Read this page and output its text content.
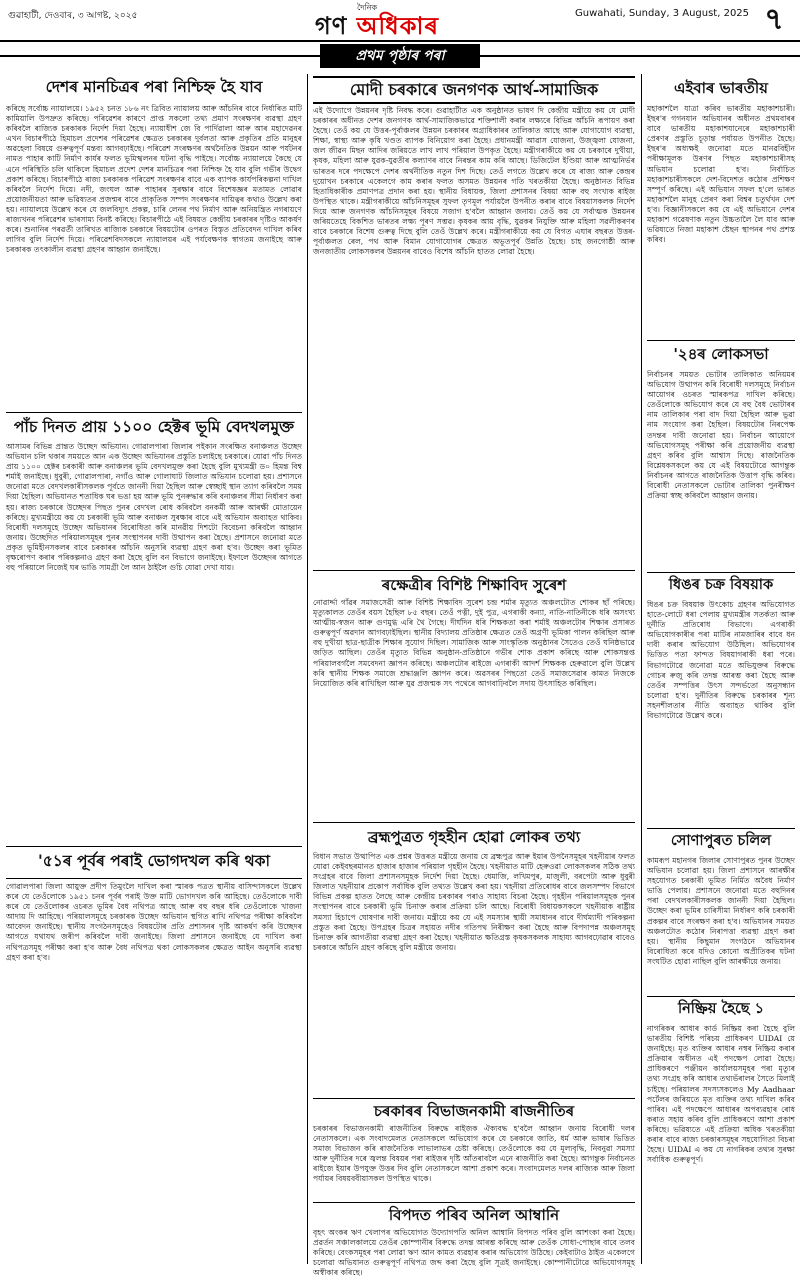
গুৱাহাটী, দেওবাৰ, ৩ আগষ্ট, ২০২৫
দৈনিক
গণ অধিকাৰ	Guwahati, Sunday, 3 August, 2025 ৭
প্ৰথম পৃষ্ঠাৰ পৰা
দেশৰ মানচিত্ৰৰ পৰা নিশ্চিহ্ন হৈ যাব
কৰিছে সৰ্বোচ্চ ন্যায়ালয়ে। ১৯৫২ চনত ১৮৬ নং ত্ৰিবিত ন্যায়ালয় আৰু আঁচনিৰ বাবে নিৰ্ধাৰিত মাটি কামিয়ালি উপদ্ৰুত কৰিছে। পৰিৱেশৰ কাৰণে প্ৰাপ্ত সকলো তথ্য প্ৰমাণ সংৰক্ষণৰ ব্যৱস্থা গ্ৰহণ কৰিবলৈ ৰাজ্যিক চৰকাৰক নিৰ্দেশ দিয়া হৈছে। ন্যায়াধীশ জে বি পাৰ্দিৱালা আৰু আৰ মহাদেৱনৰ এখন বিচাৰপীঠে হিমাচল প্ৰদেশৰ পৰিৱেশৰ ক্ষেত্ৰত চৰকাৰৰ দুৰ্বলতা আৰু প্ৰকৃতিৰ প্ৰতি মানুহৰ অৱহেলা বিষয়ে গুৰুত্বপূৰ্ণ মন্তব্য আগবঢ়াইছে। পৰিৱেশ সংৰক্ষণৰ অৰ্থনৈতিক উন্নয়ন আৰু পৰ্যটনৰ নামত পাহাৰ কাটি নিৰ্মাণ কাৰ্যৰ ফলত ভূমিস্খলনৰ ঘটনা বৃদ্ধি পাইছে। সৰ্বোচ্চ ন্যায়ালয়ে কৈছে যে এনে পৰিস্থিতি চলি থাকিলে হিমাচল প্ৰদেশ দেশৰ মানচিত্ৰৰ পৰা নিশ্চিহ্ন হৈ যাব বুলি গভীৰ উদ্বেগ প্ৰকাশ কৰিছে। বিচাৰপীঠে ৰাজ্য চৰকাৰক পৰিৱেশ সংৰক্ষণৰ বাবে এক ব্যাপক কাৰ্যপৰিকল্পনা দাখিল কৰিবলৈ নিৰ্দেশ দিয়ে। নদী, জংঘল আৰু পাহাৰৰ সুৰক্ষাৰ বাবে বিশেষজ্ঞৰ মতামত লোৱাৰ প্ৰয়োজনীয়তা আৰু ভৱিষ্যতৰ প্ৰজন্মৰ বাবে প্ৰাকৃতিক সম্পদ সংৰক্ষণৰ দায়িত্বৰ কথাও উল্লেখ কৰা হয়। ন্যায়ালয়ে উল্লেখ কৰে যে জলবিদ্যুৎ প্ৰকল্প, চাৰি লেনৰ পথ নিৰ্মাণ আৰু অনিয়ন্ত্ৰিত নগৰায়ণে ৰাজ্যখনৰ পৰিৱেশৰ ভাৰসাম্য বিনষ্ট কৰিছে। বিচাৰপীঠে এই বিষয়ত কেন্দ্ৰীয় চৰকাৰৰ দৃষ্টিও আকৰ্ষণ কৰে। শুনানিৰ পৰৱৰ্তী তাৰিখত ৰাজ্যিক চৰকাৰে বিষয়টোৰ ওপৰত বিস্তৃত প্ৰতিবেদন দাখিল কৰিব লাগিব বুলি নিৰ্দেশ দিয়ে। পৰিৱেশবিদসকলে ন্যায়ালয়ৰ এই পৰ্যবেক্ষণক স্বাগতম জনাইছে আৰু চৰকাৰক তৎকালীন ব্যৱস্থা গ্ৰহণৰ আহ্বান জনাইছে।
পাঁচ দিনত প্ৰায় ১১০০ হেক্টৰ ভূমি বেদখলমুক্ত
আসামৰ বিভিন্ন প্ৰান্তত উচ্ছেদ অভিযান। গোৱালপাৰা জিলাৰ পইকান সংৰক্ষিত বনাঞ্চলত উচ্ছেদ অভিযান চলি থকাৰ সময়তে আন এক উচ্ছেদ অভিযানৰ প্ৰস্তুতি চলাইছে চৰকাৰে। যোৱা পাঁচ দিনত প্ৰায় ১১০০ হেক্টৰ চৰকাৰী আৰু বনাঞ্চলৰ ভূমি বেদখলমুক্ত কৰা হৈছে বুলি মুখ্যমন্ত্ৰী ড০ হিমন্ত বিশ্ব শৰ্মাই জনাইছে। ধুবুৰী, গোৱালপাৰা, নগাঁও আৰু গোলাঘাট জিলাত অভিযান চলোৱা হয়। প্ৰশাসনে জনোৱা মতে বেদখলকাৰীসকলক পূৰ্বতে জাননী দিয়া হৈছিল আৰু স্বেচ্ছাই স্থান ত্যাগ কৰিবলৈ সময় দিয়া হৈছিল। অভিযানত শতাধিক ঘৰ ভঙা হয় আৰু ভূমি পুনৰুদ্ধাৰ কৰি বনাঞ্চলৰ সীমা নিৰ্ধাৰণ কৰা হয়। ৰাজ্য চৰকাৰে উচ্ছেদৰ পিছত পুনৰ বেদখল ৰোধ কৰিবলৈ বনকৰ্মী আৰু আৰক্ষী মোতায়েন কৰিছে। মুখ্যমন্ত্ৰীয়ে কয় যে চৰকাৰী ভূমি আৰু বনাঞ্চল সুৰক্ষাৰ বাবে এই অভিযান অব্যাহত থাকিব। বিৰোধী দলসমূহে উচ্ছেদ অভিযানৰ বিৰোধিতা কৰি মানৱীয় দিশটো বিবেচনা কৰিবলৈ আহ্বান জনায়। উচ্ছেদিত পৰিয়ালসমূহৰ পুনৰ সংস্থাপনৰ দাবী উত্থাপন কৰা হৈছে। প্ৰশাসনে জনোৱা মতে প্ৰকৃত ভূমিহীনসকলৰ বাবে চৰকাৰৰ আঁচনি অনুসৰি ব্যৱস্থা গ্ৰহণ কৰা হ'ব। উচ্ছেদ কৰা ভূমিত বৃক্ষৰোপণ কৰাৰ পৰিকল্পনাও গ্ৰহণ কৰা হৈছে বুলি বন বিভাগে জনাইছে। ইফালে উচ্ছেদৰ আগতে বহু পৰিয়ালে নিজেই ঘৰ ভাঙি সামগ্ৰী লৈ আন ঠাইলৈ গুচি যোৱা দেখা যায়।
'৫১ৰ পূৰ্বৰ পৰাই ভোগদখল কৰি থকা
গোৱালপাৰা জিলা আয়ুক্ত প্ৰদীপ তিমুংলৈ দাখিল কৰা স্মাৰক পত্ৰত স্থানীয় বাসিন্দাসকলে উল্লেখ কৰে যে তেওঁলোকে ১৯৫১ চনৰ পূৰ্বৰ পৰাই উক্ত মাটি ভোগদখল কৰি আহিছে। তেওঁলোকে দাবী কৰে যে তেওঁলোকৰ ওচৰত ভূমিৰ বৈধ নথিপত্ৰ আছে আৰু বহু বছৰ ধৰি তেওঁলোকে খাজনা আদায় দি আহিছে। পৰিয়ালসমূহে চৰকাৰক উচ্ছেদ অভিযান স্থগিত ৰাখি নথিপত্ৰ পৰীক্ষা কৰিবলৈ আবেদন জনাইছে। স্থানীয় সংগঠনসমূহেও বিষয়টোৰ প্ৰতি প্ৰশাসনৰ দৃষ্টি আকৰ্ষণ কৰি উচ্ছেদৰ আগতে যথাযথ জৰীপ কৰিবলৈ দাবী জনাইছে। জিলা প্ৰশাসনে জনাইছে যে দাখিল কৰা নথিপত্ৰসমূহ পৰীক্ষা কৰা হ'ব আৰু বৈধ নথিপত্ৰ থকা লোকসকলৰ ক্ষেত্ৰত আইন অনুসৰি ব্যৱস্থা গ্ৰহণ কৰা হ'ব।
মোদী চৰকাৰে জনগণক আৰ্থ-সামাজিক
এই উদ্যোগে উন্নয়নৰ দৃষ্টি নিবদ্ধ কৰে। গুৱাহাটীত এক অনুষ্ঠানত ভাষণ দি কেন্দ্ৰীয় মন্ত্ৰীয়ে কয় যে মোদী চৰকাৰৰ অধীনত দেশৰ জনগণক আৰ্থ-সামাজিকভাৱে শক্তিশালী কৰাৰ লক্ষ্যৰে বিভিন্ন আঁচনি ৰূপায়ণ কৰা হৈছে। তেওঁ কয় যে উত্তৰ-পূৰ্বাঞ্চলৰ উন্নয়ন চৰকাৰৰ অগ্ৰাধিকাৰৰ তালিকাত আছে আৰু যোগাযোগ ব্যৱস্থা, শিক্ষা, স্বাস্থ্য আৰু কৃষি খণ্ডত ব্যাপক বিনিয়োগ কৰা হৈছে। প্ৰধানমন্ত্ৰী আৱাস যোজনা, উজ্জ্বলা যোজনা, জল জীৱন মিছন আদিৰ জৰিয়তে লাখ লাখ পৰিয়াল উপকৃত হৈছে। মন্ত্ৰীগৰাকীয়ে কয় যে চৰকাৰে দুখীয়া, কৃষক, মহিলা আৰু যুৱক-যুৱতীৰ কল্যাণৰ বাবে নিৰন্তৰ কাম কৰি আছে। ডিজিটেল ইণ্ডিয়া আৰু আত্মনিৰ্ভৰ ভাৰতৰ দৰে পদক্ষেপে দেশৰ অৰ্থনীতিক নতুন দিশ দিছে। তেওঁ লগতে উল্লেখ কৰে যে ৰাজ্য আৰু কেন্দ্ৰৰ দুয়োখন চৰকাৰে একেলগে কাম কৰাৰ ফলত অসমত উন্নয়নৰ গতি খৰতকীয়া হৈছে। অনুষ্ঠানত বিভিন্ন হিতাধিকাৰীক প্ৰমাণপত্ৰ প্ৰদান কৰা হয়। স্থানীয় বিধায়ক, জিলা প্ৰশাসনৰ বিষয়া আৰু বহু সংখ্যক ৰাইজ উপস্থিত থাকে। মন্ত্ৰীগৰাকীয়ে আঁচনিসমূহৰ সুফল তৃণমূল পৰ্যায়লৈ উপনীত কৰাৰ বাবে বিষয়াসকলক নিৰ্দেশ দিয়ে আৰু জনগণক আঁচনিসমূহৰ বিষয়ে সজাগ হ'বলৈ আহ্বান জনায়। তেওঁ কয় যে সৰ্বাত্মক উন্নয়নৰ জৰিয়তেহে বিকশিত ভাৰতৰ লক্ষ্য পূৰণ সম্ভৱ। কৃষকৰ আয় বৃদ্ধি, যুৱকৰ নিযুক্তি আৰু মহিলা সৱলীকৰণৰ বাবে চৰকাৰে বিশেষ গুৰুত্ব দিছে বুলি তেওঁ উল্লেখ কৰে। মন্ত্ৰীগৰাকীয়ে কয় যে বিগত এঘাৰ বছৰত উত্তৰ-পূৰ্বাঞ্চলত ৰেল, পথ আৰু বিমান যোগাযোগৰ ক্ষেত্ৰত অভূতপূৰ্ব উন্নতি হৈছে। চাহ জনগোষ্ঠী আৰু জনজাতীয় লোকসকলৰ উন্নয়নৰ বাবেও বিশেষ আঁচনি হাতত লোৱা হৈছে।
ৰক্ষেত্ৰীৰ বিশিষ্ট শিক্ষাবিদ সুৰেশ
নোৱাৰ্দ্দা গাঁৱৰ সমাজসেৱী আৰু বিশিষ্ট শিক্ষাবিদ সুৰেশ চন্দ্ৰ শৰ্মাৰ মৃত্যুত অঞ্চলটোত শোকৰ ছাঁ পৰিছে। মৃত্যুকালত তেওঁৰ বয়স হৈছিল ৮৫ বছৰ। তেওঁ পত্নী, দুই পুত্ৰ, এগৰাকী কন্যা, নাতি-নাতিনীকে ধৰি অসংখ্য আত্মীয়-স্বজন আৰু গুণমুগ্ধ এৰি থৈ গৈছে। দীৰ্ঘদিন ধৰি শিক্ষকতা কৰা শৰ্মাই অঞ্চলটোৰ শিক্ষাৰ প্ৰসাৰত গুৰুত্বপূৰ্ণ অৱদান আগবঢ়াইছিল। স্থানীয় বিদ্যালয় প্ৰতিষ্ঠাৰ ক্ষেত্ৰত তেওঁ অগ্ৰণী ভূমিকা পালন কৰিছিল আৰু বহু দুখীয়া ছাত্ৰ-ছাত্ৰীক শিক্ষাৰ সুযোগ দিছিল। সামাজিক আৰু সাংস্কৃতিক অনুষ্ঠানৰ সৈতেও তেওঁ ঘনিষ্ঠভাৱে জড়িত আছিল। তেওঁৰ মৃত্যুত বিভিন্ন অনুষ্ঠান-প্ৰতিষ্ঠানে গভীৰ শোক প্ৰকাশ কৰিছে আৰু শোকসন্তপ্ত পৰিয়ালবৰ্গলৈ সমবেদনা জ্ঞাপন কৰিছে। অঞ্চলটোৰ ৰাইজে এগৰাকী আদৰ্শ শিক্ষকক হেৰুৱালে বুলি উল্লেখ কৰি স্থানীয় শিক্ষক সমাজে শ্ৰদ্ধাঞ্জলি জ্ঞাপন কৰে। অৱসৰৰ পিছতো তেওঁ সমাজসেৱাৰ কামত নিজকে নিয়োজিত কৰি ৰাখিছিল আৰু যুৱ প্ৰজন্মক সৎ পথেৰে আগবাঢ়িবলৈ সদায় উৎসাহিত কৰিছিল।
ব্ৰহ্মপুত্ৰত গৃহহীন হোৱা লোকৰ তথ্য
বিধান সভাত উত্থাপিত এক প্ৰশ্নৰ উত্তৰত মন্ত্ৰীয়ে জনায় যে ব্ৰহ্মপুত্ৰ আৰু ইয়াৰ উপনৈসমূহৰ খহনীয়াৰ ফলত যোৱা কেইবছৰমানত হাজাৰ হাজাৰ পৰিয়াল গৃহহীন হৈছে। খহনীয়াত মাটি হেৰুওৱা লোকসকলৰ সঠিক তথ্য সংগ্ৰহৰ বাবে জিলা প্ৰশাসনসমূহক নিৰ্দেশ দিয়া হৈছে। ধেমাজি, লখিমপুৰ, মাজুলী, বৰপেটা আৰু ধুবুৰী জিলাত খহনীয়াৰ প্ৰকোপ সৰ্বাধিক বুলি তথ্যত উল্লেখ কৰা হয়। খহনীয়া প্ৰতিৰোধৰ বাবে জলসম্পদ বিভাগে বিভিন্ন প্ৰকল্প হাতত লৈছে আৰু কেন্দ্ৰীয় চৰকাৰৰ পৰাও সাহায্য বিচৰা হৈছে। গৃহহীন পৰিয়ালসমূহক পুনৰ সংস্থাপনৰ বাবে চৰকাৰী ভূমি চিনাক্ত কৰাৰ প্ৰক্ৰিয়া চলি আছে। বিৰোধী বিধায়কসকলে খহনীয়াক ৰাষ্ট্ৰীয় সমস্যা হিচাপে ঘোষণাৰ দাবী জনায়। মন্ত্ৰীয়ে কয় যে এই সমস্যাৰ স্থায়ী সমাধানৰ বাবে দীৰ্ঘম্যাদী পৰিকল্পনা প্ৰস্তুত কৰা হৈছে। উপগ্ৰহৰ চিত্ৰৰ সহায়ত নদীৰ গতিপথ নিৰীক্ষণ কৰা হৈছে আৰু বিপদাপন্ন অঞ্চলসমূহ চিনাক্ত কৰি আগতীয়া ব্যৱস্থা গ্ৰহণ কৰা হৈছে। খহনীয়াত ক্ষতিগ্ৰস্ত কৃষকসকলক সাহায্য আগবঢ়োৱাৰ বাবেও চৰকাৰে আঁচনি গ্ৰহণ কৰিছে বুলি মন্ত্ৰীয়ে জনায়।
চৰকাৰৰ বিভাজনকামী ৰাজনীতিৰ
চৰকাৰৰ বিভাজনকামী ৰাজনীতিৰ বিৰুদ্ধে ৰাইজক ঐক্যবদ্ধ হ'বলৈ আহ্বান জনায় বিৰোধী দলৰ নেতাসকলে। এক সংবাদমেলত নেতাসকলে অভিযোগ কৰে যে চৰকাৰে জাতি, ধৰ্ম আৰু ভাষাৰ ভিত্তিত সমাজ বিভাজন কৰি ৰাজনৈতিক লাভালাভৰ চেষ্টা কৰিছে। তেওঁলোকে কয় যে মূল্যবৃদ্ধি, নিবনুৱা সমস্যা আৰু দুৰ্নীতিৰ দৰে জ্বলন্ত বিষয়ৰ পৰা ৰাইজৰ দৃষ্টি আঁতৰাবলৈ এনে ৰাজনীতি কৰা হৈছে। আগন্তুক নিৰ্বাচনত ৰাইজে ইয়াৰ উপযুক্ত উত্তৰ দিব বুলি নেতাসকলে আশা প্ৰকাশ কৰে। সংবাদমেলত দলৰ ৰাজ্যিক আৰু জিলা পৰ্যায়ৰ বিষয়ববীয়াসকল উপস্থিত থাকে।
বিপদত পৰিব অনিল আম্বানি
বৃহৎ অংকৰ ঋণ খেলাপৰ অভিযোগত উদ্যোগপতি অনিল আম্বানি বিপদত পৰিব বুলি আশংকা কৰা হৈছে। প্ৰৱৰ্তন সঞ্চালকালয়ে তেওঁৰ কোম্পানীৰ বিৰুদ্ধে তদন্ত আৰম্ভ কৰিছে আৰু তেওঁক সোধা-পোছাৰ বাবে তলব কৰিছে। বেংকসমূহৰ পৰা লোৱা ঋণ আন কামত ব্যৱহাৰ কৰাৰ অভিযোগ উঠিছে। কেইবাটাও ঠাইত একেলগে চলোৱা অভিযানত গুৰুত্বপূৰ্ণ নথিপত্ৰ জব্দ কৰা হৈছে বুলি সূত্ৰই জনাইছে। কোম্পানীটোৱে অভিযোগসমূহ অস্বীকাৰ কৰিছে।
এইবাৰ ভাৰতীয়
মহাকাশলৈ যাত্ৰা কৰিব ভাৰতীয় মহাকাশচাৰী। ইছৰ'ৰ গগনযান অভিযানৰ অধীনত প্ৰথমবাৰৰ বাবে ভাৰতীয় মহাকাশযানেৰে মহাকাশচাৰী প্ৰেৰণৰ প্ৰস্তুতি চূড়ান্ত পৰ্যায়ত উপনীত হৈছে। ইছৰ'ৰ অধ্যক্ষই জনোৱা মতে মানৱবিহীন পৰীক্ষামূলক উৰণৰ পিছত মহাকাশচাৰীসহ অভিযান চলোৱা হ'ব। নিৰ্বাচিত মহাকাশচাৰীসকলে দেশ-বিদেশত কঠোৰ প্ৰশিক্ষণ সম্পূৰ্ণ কৰিছে। এই অভিযান সফল হ'লে ভাৰত মহাকাশলৈ মানুহ প্ৰেৰণ কৰা বিশ্বৰ চতুৰ্থখন দেশ হ'ব। বিজ্ঞানীসকলে কয় যে এই অভিযানে দেশৰ মহাকাশ গৱেষণাক নতুন উচ্চতালৈ লৈ যাব আৰু ভৱিষ্যতে নিজা মহাকাশ ষ্টেছন স্থাপনৰ পথ প্ৰশস্ত কৰিব।
'২৪ৰ লোকসভা
নিৰ্বাচনৰ সময়ত ভোটাৰ তালিকাত অনিয়মৰ অভিযোগ উত্থাপন কৰি বিৰোধী দলসমূহে নিৰ্বাচন আয়োগৰ ওচৰত স্মাৰকপত্ৰ দাখিল কৰিছে। তেওঁলোকে অভিযোগ কৰে যে বহু বৈধ ভোটাৰৰ নাম তালিকাৰ পৰা বাদ দিয়া হৈছিল আৰু ভুৱা নাম সংযোগ কৰা হৈছিল। বিষয়টোৰ নিৰপেক্ষ তদন্তৰ দাবী জনোৱা হয়। নিৰ্বাচন আয়োগে অভিযোগসমূহ পৰীক্ষা কৰি প্ৰয়োজনীয় ব্যৱস্থা গ্ৰহণ কৰিব বুলি আশ্বাস দিছে। ৰাজনৈতিক বিশ্লেষকসকলে কয় যে এই বিষয়টোৱে আগন্তুক নিৰ্বাচনৰ আগতে ৰাজনৈতিক উত্তাপ বৃদ্ধি কৰিব। বিৰোধী নেতাসকলে ভোটাৰ তালিকা পুনৰীক্ষণ প্ৰক্ৰিয়া স্বচ্ছ কৰিবলৈ আহ্বান জনায়।
ধিঙৰ চক্ৰ বিষয়াক
ধিঙৰ চক্ৰ বিষয়াক উৎকোচ গ্ৰহণৰ অভিযোগত হাতে-লোটে ধৰা পেলায় মুখ্যমন্ত্ৰীৰ সতৰ্কতা আৰু দুৰ্নীতি প্ৰতিৰোধ বিভাগে। এগৰাকী অভিযোগকাৰীৰ পৰা মাটিৰ নামজাৰিৰ বাবে ধন দাবী কৰাৰ অভিযোগ উঠিছিল। অভিযোগৰ ভিত্তিত পতা ফান্দত বিষয়াগৰাকী ধৰা পৰে। বিভাগটোৱে জনোৱা মতে অভিযুক্তৰ বিৰুদ্ধে গোচৰ ৰুজু কৰি তদন্ত আৰম্ভ কৰা হৈছে আৰু তেওঁৰ সম্পত্তিৰ উৎস সন্দৰ্ভতো অনুসন্ধান চলোৱা হ'ব। দুৰ্নীতিৰ বিৰুদ্ধে চৰকাৰৰ শূন্য সহনশীলতাৰ নীতি অব্যাহত থাকিব বুলি বিভাগটোৱে উল্লেখ কৰে।
সোণাপুৰত চলিল
কামৰূপ মহানগৰ জিলাৰ সোণাপুৰত পুনৰ উচ্ছেদ অভিযান চলোৱা হয়। জিলা প্ৰশাসনে আৰক্ষীৰ সহযোগত চৰকাৰী ভূমিত নিৰ্মিত অবৈধ নিৰ্মাণ ভাঙি পেলায়। প্ৰশাসনে জনোৱা মতে বহুদিনৰ পৰা বেদখলকাৰীসকলক জাননী দিয়া হৈছিল। উচ্ছেদ কৰা ভূমিৰ চাৰিসীমা নিৰ্ধাৰণ কৰি চৰকাৰী প্ৰকল্পৰ বাবে সংৰক্ষণ কৰা হ'ব। অভিযানৰ সময়ত অঞ্চলটোত কঠোৰ নিৰাপত্তা ব্যৱস্থা গ্ৰহণ কৰা হয়। স্থানীয় কিছুমান সংগঠনে অভিযানৰ বিৰোধিতা কৰে যদিও কোনো অপ্ৰীতিকৰ ঘটনা সংঘটিত হোৱা নাছিল বুলি আৰক্ষীয়ে জনায়।
নিষ্ক্ৰিয় হৈছে ১
নাগৰিকৰ আধাৰ কাৰ্ড নিষ্ক্ৰিয় কৰা হৈছে বুলি ভাৰতীয় বিশিষ্ট পৰিচয় প্ৰাধিকৰণ UIDAI য়ে জনাইছে। মৃত ব্যক্তিৰ আধাৰ নম্বৰ নিষ্ক্ৰিয় কৰাৰ প্ৰক্ৰিয়াৰ অধীনত এই পদক্ষেপ লোৱা হৈছে। প্ৰাধিকৰণে পঞ্জীয়ন কাৰ্যালয়সমূহৰ পৰা মৃত্যুৰ তথ্য সংগ্ৰহ কৰি আধাৰ তথ্যভঁৰালৰ সৈতে মিলাই চাইছে। পৰিয়ালৰ সদস্যসকলেও My Aadhaar পৰ্টেলৰ জৰিয়তে মৃত ব্যক্তিৰ তথ্য দাখিল কৰিব পাৰিব। এই পদক্ষেপে আধাৰৰ অপব্যৱহাৰ ৰোধ কৰাত সহায় কৰিব বুলি প্ৰাধিকৰণে আশা প্ৰকাশ কৰিছে। ভৱিষ্যতে এই প্ৰক্ৰিয়া অধিক খৰতকীয়া কৰাৰ বাবে ৰাজ্য চৰকাৰসমূহৰ সহযোগিতা বিচৰা হৈছে। UIDAI এ কয় যে নাগৰিকৰ তথ্যৰ সুৰক্ষা সৰ্বাধিক গুৰুত্বপূৰ্ণ।
